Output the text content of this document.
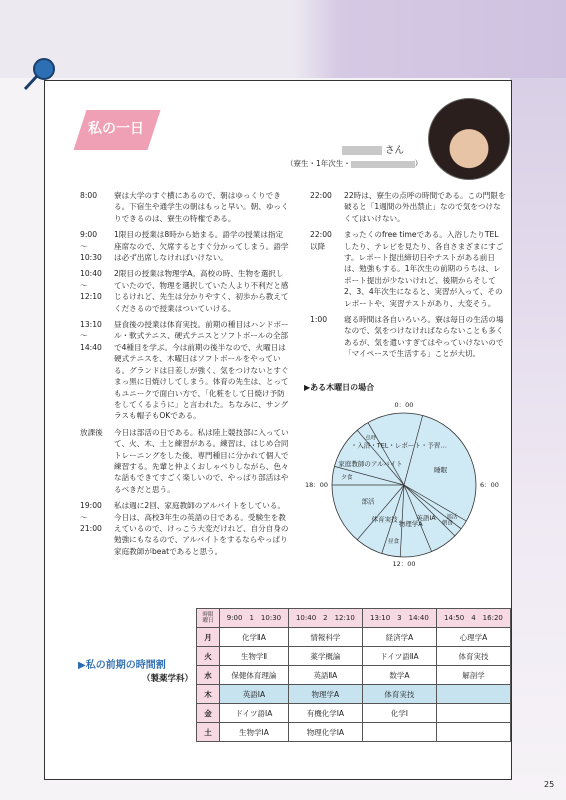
私の一日
さん
（寮生・1年次生・	）
8:00	寮は大学のすぐ横にあるので、朝はゆっくりできる。下宿生や通学生の朝はもっと早い。朝、ゆっくりできるのは、寮生の特権である。
9:00
〜
10:30
1限目の授業は8時から始まる。語学の授業は指定座席なので、欠席するとすぐ分かってしまう。語学は必ず出席しなければいけない。
10:40
〜
12:10
2限目の授業は物理学A。高校の時、生物を選択していたので、物理を選択していた人より不利だと感じるけれど、先生は分かりやすく、初歩から教えてくださるので授業はついていける。
13:10
〜
14:40
昼食後の授業は体育実技。前期の種目はハンドボール・軟式テニス、硬式テニスとソフトボールの全部で4種目を学ぶ。今は前期の後半なので、火曜日は硬式テニスを、木曜日はソフトボールをやっている。グランドは日差しが強く、気をつけないとすぐまっ黒に日焼けしてしまう。体育の先生は、とってもユニークで面白い方で、「化粧をして日焼け予防をしてくるように」と言われた。ちなみに、サングラスも帽子もOKである。
放課後	今日は部活の日である。私は陸上競技部に入っていて、火、木、土と練習がある。練習は、はじめ合同トレーニングをした後、専門種目に分かれて個人で練習する。先輩と仲よくおしゃべりしながら、色々な話もできてすごく楽しいので、やっぱり部活はやるべきだと思う。
19:00
〜
21:00
私は週に2回、家庭教師のアルバイトをしている。今日は、高校3年生の英語の日である。受験生を教えているので、けっこう大変だけれど、自分自身の勉強にもなるので、アルバイトをするならやっぱり家庭教師がbeatであると思う。
22:00	22時は、寮生の点呼の時間である。この門限を破ると「1週間の外出禁止」なので気をつけなくてはいけない。
22:00
以降
まったくのfree timeである。入浴したりTELしたり、テレビを見たり、各自さまざまにすごす。レポート提出締切日やテストがある前日は、勉強もする。1年次生の前期のうちは、レポート提出が少ないけれど、後期からそして2、3、4年次生になると、実習が入って、そのレポートや、実習テストがあり、大変そう。
1:00	寝る時間は各自いろいろ。寮は毎日の生活の場なので、気をつけなければならないことも多くあるが、気を遣いすぎてはやっていけないので「マイペースで生活する」ことが大切。
▶ある木曜日の場合
睡眠
部活
朝食
英語ⅠA
物理学A
昼食
体育実技
部活
夕食
家庭教師のアルバイト
点呼
・入浴・TEL・レポート・予習…
0：00
6：00
12：00
18：00
▶私の前期の時間割
（製薬学科）
時限
曜日	9:00　1　10:30	10:40　2　12:10	13:10　3　14:40	14:50　4　16:20
月	化学ⅡA	情報科学	経済学A	心理学A
火	生物学Ⅱ	薬学概論	ドイツ語ⅡA	体育実技
水	保健体育理論	英語ⅡA	数学A	解剖学
木	英語ⅠA	物理学A	体育実技	
金	ドイツ語ⅠA	有機化学ⅠA	化学Ⅰ	
土	生物学ⅠA	物理化学ⅠA		
25
